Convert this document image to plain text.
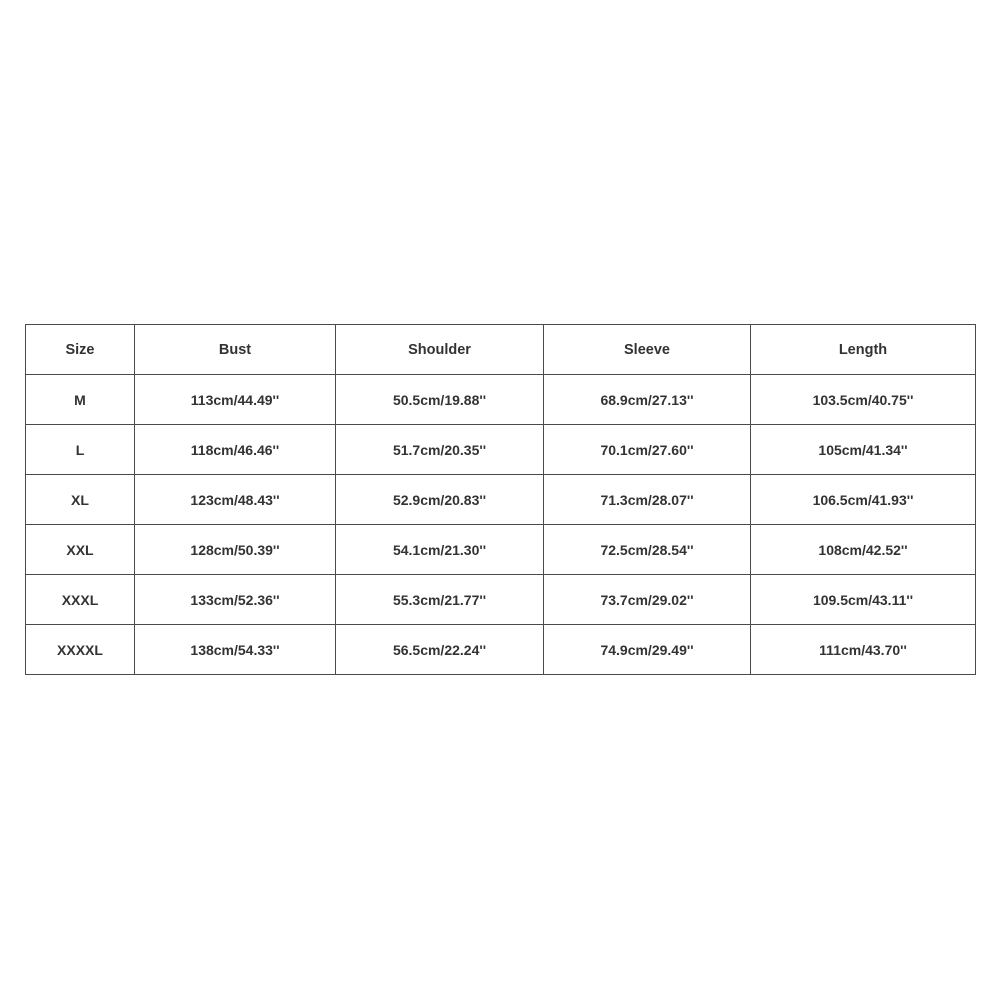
Size	Bust	Shoulder	Sleeve	Length
M	113cm/44.49''	50.5cm/19.88''	68.9cm/27.13''	103.5cm/40.75''
L	118cm/46.46''	51.7cm/20.35''	70.1cm/27.60''	105cm/41.34''
XL	123cm/48.43''	52.9cm/20.83''	71.3cm/28.07''	106.5cm/41.93''
XXL	128cm/50.39''	54.1cm/21.30''	72.5cm/28.54''	108cm/42.52''
XXXL	133cm/52.36''	55.3cm/21.77''	73.7cm/29.02''	109.5cm/43.11''
XXXXL	138cm/54.33''	56.5cm/22.24''	74.9cm/29.49''	111cm/43.70''
